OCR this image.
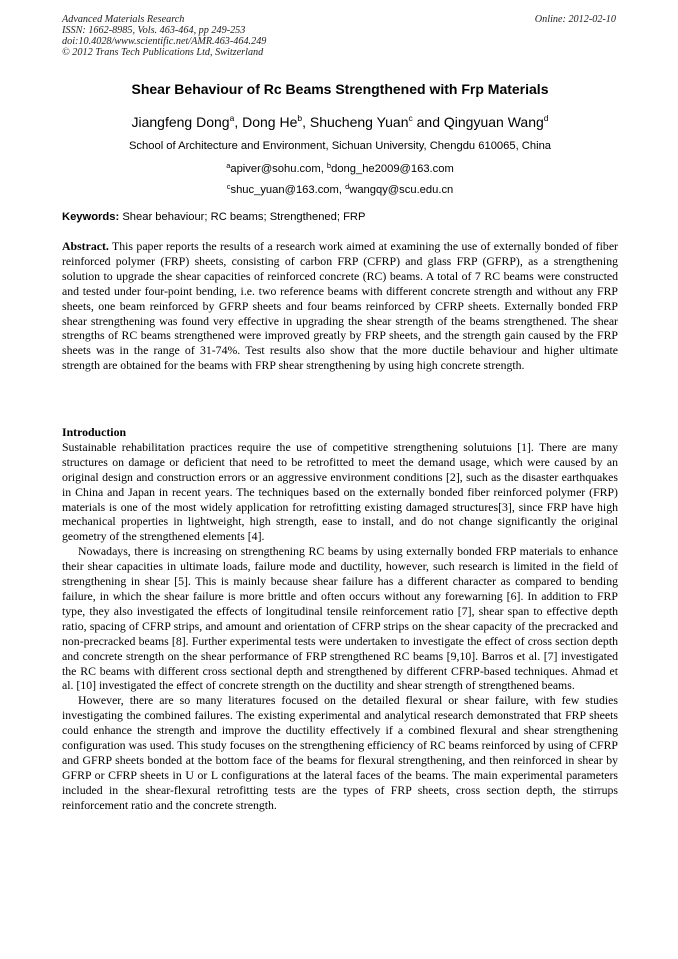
Advanced Materials Research
ISSN: 1662-8985, Vols. 463-464, pp 249-253
doi:10.4028/www.scientific.net/AMR.463-464.249
© 2012 Trans Tech Publications Ltd, Switzerland
Online: 2012-02-10
Shear Behaviour of Rc Beams Strengthened with Frp Materials
Jiangfeng Dong$^a$, Dong He$^b$, Shucheng Yuan$^c$ and Qingyuan Wang$^d$
School of Architecture and Environment, Sichuan University, Chengdu 610065, China
$^a$apiver@sohu.com, $^b$dong_he2009@163.com
$^c$shuc_yuan@163.com, $^d$wangqy@scu.edu.cn
Keywords: Shear behaviour; RC beams; Strengthened; FRP

Abstract. This paper reports the results of a research work aimed at examining the use of externally bonded of fiber reinforced polymer (FRP) sheets, consisting of carbon FRP (CFRP) and glass FRP (GFRP), as a strengthening solution to upgrade the shear capacities of reinforced concrete (RC) beams. A total of 7 RC beams were constructed and tested under four-point bending, i.e. two reference beams with different concrete strength and without any FRP sheets, one beam reinforced by GFRP sheets and four beams reinforced by CFRP sheets. Externally bonded FRP shear strengthening was found very effective in upgrading the shear strength of the beams strengthened. The shear strengths of RC beams strengthened were improved greatly by FRP sheets, and the strength gain caused by the FRP sheets was in the range of 31-74%. Test results also show that the more ductile behaviour and higher ultimate strength are obtained for the beams with FRP shear strengthening by using high concrete strength.

Introduction

Sustainable rehabilitation practices require the use of competitive strengthening solutuions [1]. There are many structures on damage or deficient that need to be retrofitted to meet the demand usage, which were caused by an original design and construction errors or an aggressive environment conditions [2], such as the disaster earthquakes in China and Japan in recent years. The techniques based on the externally bonded fiber reinforced polymer (FRP) materials is one of the most widely application for retrofitting existing damaged structures[3], since FRP have high mechanical properties in lightweight, high strength, ease to install, and do not change significantly the original geometry of the strengthened elements [4].

Nowadays, there is increasing on strengthening RC beams by using externally bonded FRP materials to enhance their shear capacities in ultimate loads, failure mode and ductility, however, such research is limited in the field of strengthening in shear [5]. This is mainly because shear failure has a different character as compared to bending failure, in which the shear failure is more brittle and often occurs without any forewarning [6]. In addition to FRP type, they also investigated the effects of longitudinal tensile reinforcement ratio [7], shear span to effective depth ratio, spacing of CFRP strips, and amount and orientation of CFRP strips on the shear capacity of the precracked and non-precracked beams [8]. Further experimental tests were undertaken to investigate the effect of cross section depth and concrete strength on the shear performance of FRP strengthened RC beams [9,10]. Barros et al. [7] investigated the RC beams with different cross sectional depth and strengthened by different CFRP-based techniques. Ahmad et al. [10] investigated the effect of concrete strength on the ductility and shear strength of strengthened beams.

However, there are so many literatures focused on the detailed flexural or shear failure, with few studies investigating the combined failures. The existing experimental and analytical research demonstrated that FRP sheets could enhance the strength and improve the ductility effectively if a combined flexural and shear strengthening configuration was used. This study focuses on the strengthening efficiency of RC beams reinforced by using of CFRP and GFRP sheets bonded at the bottom face of the beams for flexural strengthening, and then reinforced in shear by GFRP or CFRP sheets in U or L configurations at the lateral faces of the beams. The main experimental parameters included in the shear-flexural retrofitting tests are the types of FRP sheets, cross section depth, the stirrups reinforcement ratio and the concrete strength.
